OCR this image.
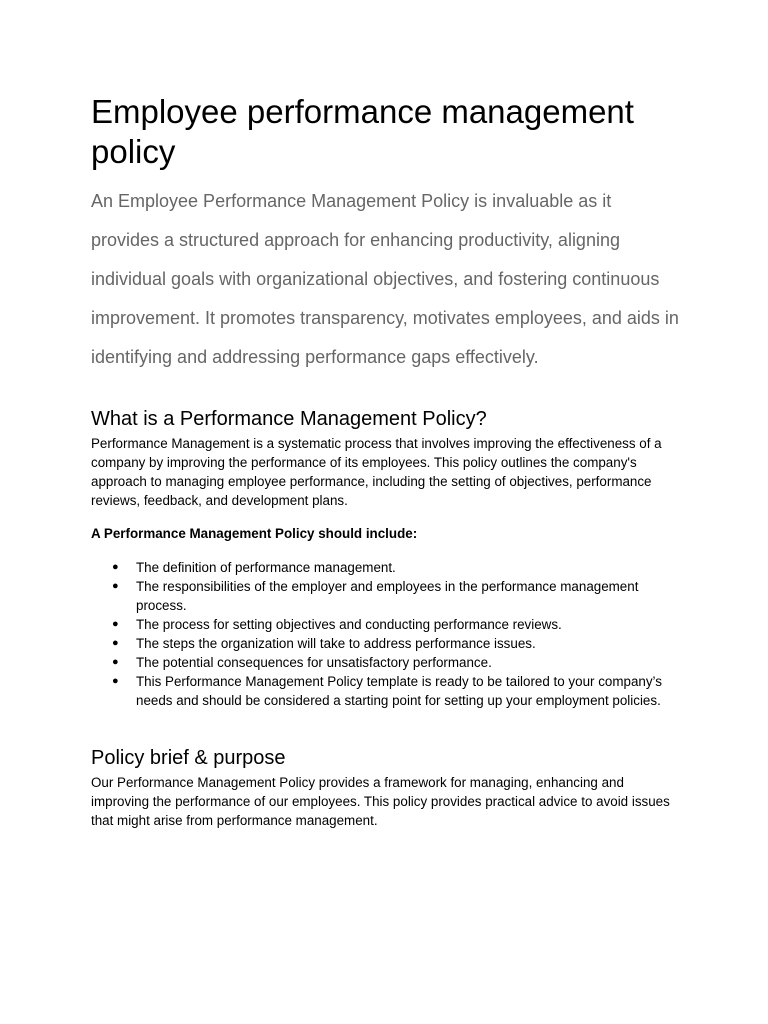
Employee performance management policy

An Employee Performance Management Policy is invaluable as it provides a structured approach for enhancing productivity, aligning individual goals with organizational objectives, and fostering continuous improvement. It promotes transparency, motivates employees, and aids in identifying and addressing performance gaps effectively.

What is a Performance Management Policy?

Performance Management is a systematic process that involves improving the effectiveness of a company by improving the performance of its employees. This policy outlines the company's approach to managing employee performance, including the setting of objectives, performance reviews, feedback, and development plans.

A Performance Management Policy should include:

● The definition of performance management.
● The responsibilities of the employer and employees in the performance management process.
● The process for setting objectives and conducting performance reviews.
● The steps the organization will take to address performance issues.
● The potential consequences for unsatisfactory performance.
● This Performance Management Policy template is ready to be tailored to your company’s needs and should be considered a starting point for setting up your employment policies.
Policy brief & purpose

Our Performance Management Policy provides a framework for managing, enhancing and improving the performance of our employees. This policy provides practical advice to avoid issues that might arise from performance management.
